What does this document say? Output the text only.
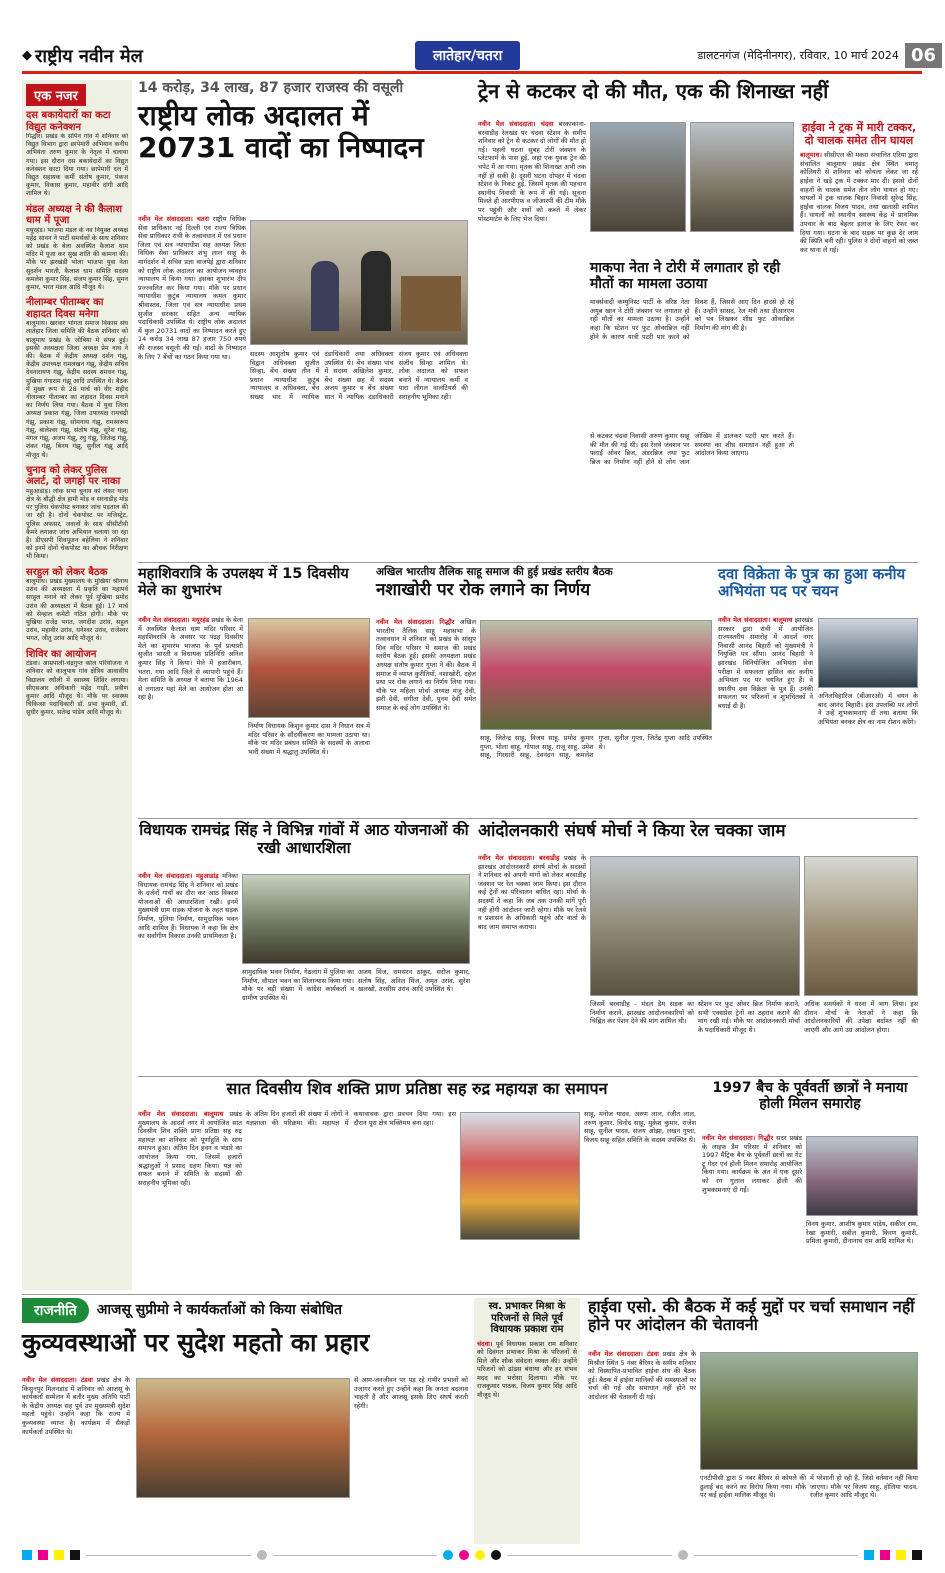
◆ राष्ट्रीय नवीन मेल	लातेहार/चतरा	डालटनगंज (मेदिनीनगर), रविवार, 10 मार्च 2024 06
एक नजर
दस बकायेदारों का कटा विद्युत कनेक्शन
गिद्धौर। प्रखंड के सपिन गांव में शनिवार को विद्युत विभाग द्वारा छापेमारी अभियान कनीय अभियंता तरुण कुमार के नेतृत्व में चलाया गया। इस दौरान दस बकायेदारों का विद्युत कनेक्शन काटा दिया गया। छापेमारी दल में विद्युत सहायक कर्मी संतोष कुमार, पंकज कुमार, विकास कुमार, महावीर दांगी आदि शामिल थे।
मंडल अध्यक्ष ने की कैलाश धाम में पूजा
मयूरहंड। भाजपा मंडल के नव नियुक्त अध्यक्ष महेंद्र सावन ने पार्टी समर्थकों के साथ शनिवार को प्रखंड के बेला अवस्थित कैलाश धाम मंदिर में पूजा कर सुख शांति की कामना की। मौके पर झरखंडी भोला भाजपा युवा नेता सुदर्शन भारती, कैलाश धाम समिति सदस्य कमलेश कुमार सिंह, संजय कुमार सिंह, सुमन कुमार, भरत मंडल आदि मौजूद थे।
नीलाम्बर पीताम्बर का शहादत दिवस मनेगा
बालूमाथ। खरवार भोगता समाज विकास संघ लातेहार जिला समिति की बैठक शनिवार को बालूमाथ प्रखंड के जोबिया मे संपन्न हुई। इसकी अध्यक्षता जिला अध्यक्ष प्रेम नाथ ने की। बैठक में केंद्रीय अध्यक्ष दर्शन गंझू, केंद्रीय उपाध्यक्ष रामलखन गंझू, केंद्रीय सचिव देवनारायण गंझू, केंद्रीय सदस्य रामधन गंझू, मुखिया गंगाराम गंझू आदि उपस्थित थे। बैठक में मुख्य रूप से 28 मार्च को वीर शहीद नीलाम्बर पीताम्बर का शहादत दिवस मनाने का निर्णय लिया गया। बैठक में युवा जिला अध्यक्ष प्रकाश गंझू, जिला उपाध्यक्ष रामचंद्री गंझू, प्रकाश गंझू, सोमनाथ गंझू, रामस्वरूप गंझू, बालेश्वर गंझू, संतोष गंझू, सुरेश गंझू, मंगल गंझू, अजय गंझू, रघु गंझू, जितेन्द्र गंझू, शंकर गंझू, बिनय गंझू, सुनील गंझू आदि मौजूद थे।
चुनाव को लेकर पुलिस अलर्ट, दो जगहों पर नाका
महुआडांड़। लोक सभा चुनाव को लेकर थाना क्षेत्र के बौद्धी क्षेत्र हामी मोड़ व सरनाडीह मोड़ पर पुलिस चेकपोस्ट बनाकर जांच पड़ताल की जा रही है। दोनों चेकपोस्ट पर मजिस्ट्रेट, पुलिस अफसर, जवानों के साथ सीसीटीवी कैमरे लगाकर जांच अभियान चलाया जा रहा है। डीएसपी शिवपूजन बहेलिया ने शनिवार को इनमें दोनों चेकपोस्ट का औचक निरीक्षण भी किया।
सरहुल को लेकर बैठक
बालूमाथ। प्रखंड मुख्यालय के मुखिया श्रीनाथ उरांव की अध्यक्षता में प्रकृति का महापर्व सरहुल मनाने को लेकर पूर्व मुखिया प्रमोद उरांव की अध्यक्षता में बैठक हुई। 17 मार्च को सेन्हाल कमेटी गठित होगी। मौके पर मुखिया राजेंद्र भगत, जगदीश उरांव, सहुल उरांव, महावीर उरांव, धनेश्वर उरांव, राजेश्वर भगत, जीतु उरांव आदि मौजूद थे।
शिविर का आयोजन
टंडवा। आम्रपाली-चंद्रगुप्त कोल परियोजना ने शनिवार को कालूपाथ गांव क्षेत्रिय आवासीय विद्यालय रघौली में स्वास्थ्य शिविर लगाया। सीएसआर अधिकारी महेंद्र गाड़ी, प्रवीण कुमार आदि मौजूद थे। मौके पर स्वास्थ्य चिकित्सा पदाधिकारी डॉ. प्रभा कुमारी, डॉ. सुधीर कुमार, सतेन्द्र पांडेय आदि मौजूद थे।
14 करोड़, 34 लाख, 87 हजार राजस्व की वसूली
राष्ट्रीय लोक अदालत में 20731 वादों का निष्पादन
नवीन मेल संवाददाता। चतरा राष्ट्रीय विधिक सेवा प्राधिकार नई दिल्ली एवं राज्य विधिक सेवा प्राधिकार रांची के तत्वावधान में एवं प्रधान जिला एवं सत्र न्यायाधीश सह अध्यक्ष जिला विधिक सेवा प्राधिकार शंभु लाल साहू के मार्गदर्शन में सचिव प्रज्ञा वाजपेई द्वारा शनिवार को राष्ट्रीय लोक अदालत का आयोजन व्यवहार न्यायालय में किया गया। इसका शुभारंभ दीप प्रज्ज्वलित कर किया गया। मौके पर प्रधान न्यायाधीश कुटुंब न्यायालय कमल कुमार श्रीवास्तव, जिला एवं सत्र न्यायाधीश प्रथम सुजीत सरकार सहित अन्य न्यायिक पदाधिकारी उपस्थित थे। राष्ट्रीय लोक अदालत में कुल 20731 वादों का निष्पादन करते हुए 14 करोड़ 34 लाख 87 हजार 750 रुपये की राजस्व वसूली की गई। वादों के निष्पादन के लिए 7 बेंचों का गठन किया गया था।	सदस्य आशुतोष कुमार एवं विद्वान अधिवक्ता सुजीत सिन्हा, बेंच संख्या तीन में प्रधान न्यायाधीश कुटुंब न्यायालय व अधिवक्ता, बेंच संख्या चार में न्यायिक दंडाधिकारी तथा अधिवक्ता उपस्थित थे। बेंच संख्या पांच में सदस्य अखिलेश कुमार, बेंच संख्या छह में सदस्य अजय कुमार व बेंच संख्या सात में न्यायिक दंडाधिकारी संजय कुमार एवं अधिवक्ता संजीव सिन्हा शामिल थे। लोक अदालत को सफल बनाने में न्यायालय कर्मी व पारा लीगल वालंटियर्स की सराहनीय भूमिका रही।
ट्रेन से कटकर दो की मौत, एक की शिनाख्त नहीं
नवीन मेल संवाददाता। चंदवा बरकाकाना-बरवाडीह रेलखंड पर चंदवा स्टेशन के समीप शनिवार को ट्रेन से कटकर दो लोगों की मौत हो गई। पहली घटना सुबह टोरी जंक्शन के प्लेटफार्म के पास हुई, जहां एक युवक ट्रेन की चपेट में आ गया। मृतक की शिनाख्त अभी तक नहीं हो सकी है। दूसरी घटना दोपहर में चंदवा स्टेशन के निकट हुई, जिसमें मृतक की पहचान स्थानीय निवासी के रूप में की गई। सूचना मिलते ही आरपीएफ व जीआरपी की टीम मौके पर पहुंची और शवों को कब्जे में लेकर पोस्टमार्टम के लिए भेज दिया।
हाईवा ने ट्रक में मारी टक्कर, दो चालक समेत तीन घायल
बालूमाथ। सीसीएल की मकरा संचालित एरिया द्वारा संचालित बालूमाथ प्रखंड क्षेत्र स्थित चमातू कोलियरी से शनिवार को कोयला लेकर जा रहे हाईवा ने खड़े ट्रक में टक्कर मार दी। इससे दोनों वाहनों के चालक समेत तीन लोग घायल हो गए। घायलों में ट्रक चालक बिहार निवासी सुरेन्द्र सिंह, हाईवा चालक विजय यादव, तथा खलासी शामिल हैं। घायलों को स्थानीय स्वास्थ्य केंद्र में प्राथमिक उपचार के बाद बेहतर इलाज के लिए रेफर कर दिया गया। घटना के बाद सड़क पर कुछ देर जाम की स्थिति बनी रही। पुलिस ने दोनों वाहनों को जब्त कर थाना ले गई।
माकपा नेता ने टोरी में लगातार हो रही मौतों का मामला उठाया
मार्क्सवादी कम्युनिस्ट पार्टी के वरिष्ठ नेता अयूब खान ने टोरी जंक्शन पर लगातार हो रही मौतों का मामला उठाया है। उन्होंने कहा कि स्टेशन पर फुट ओवरब्रिज नहीं होने के कारण यात्री पटरी पार करने को विवश हैं, जिससे आए दिन हादसे हो रहे हैं। उन्होंने सांसद, रेल मंत्री तथा डीआरएम को पत्र लिखकर शीघ्र फुट ओवरब्रिज निर्माण की मांग की है।
से कटकर चंदवा निवासी अरुण कुमार साहू की मौत की गई थी। इस रेलवे जंक्शन पर फ्लाई ओवर ब्रिज, अंडरब्रिज तथा फुट ब्रिज का निर्माण नहीं होने से लोग जान जोखिम में डालकर पटरी पार करते हैं। समस्या का शीघ्र समाधान नहीं हुआ तो आंदोलन किया जाएगा।
महाशिवरात्रि के उपलक्ष्य में 15 दिवसीय मेले का शुभारंभ
नवीन मेल संवाददाता। मयूरहंड प्रखंड के बेला में अवस्थित कैलाश धाम मंदिर परिसर में महाशिवरात्रि के अवसर पर पंद्रह दिवसीय मेले का शुभारंभ भाजपा के पूर्व प्रत्याशी सुजीत भारती व विधायक प्रतिनिधि अनिल कुमार सिंह ने किया। मेले में हजारीबाग, चतरा, गया आदि जिले से व्यापारी पहुंचे हैं। मेला समिति के अध्यक्ष ने बताया कि 1964 से लगातार यहां मेले का आयोजन होता आ रहा है।
निर्माण विधायक किशुन कुमार दास ने निधान सत्र में मंदिर परिसर के सौंदर्यीकरण का मामला उठाया था। मौके पर मंदिर प्रबंधन समिति के सदस्यों के अलावा भारी संख्या में श्रद्धालु उपस्थित थे।
अखिल भारतीय तैलिक साहू समाज की हुई प्रखंड स्तरीय बैठक
नशाखोरी पर रोक लगाने का निर्णय
नवीन मेल संवाददाता। गिद्धौर अखिल भारतीय तैलिक साहू महासभा के तत्वावधान में शनिवार को प्रखंड के सांसुप शिव मंदिर परिसर में समाज की प्रखंड स्तरीय बैठक हुई। इसकी अध्यक्षता प्रखंड अध्यक्ष संतोष कुमार गुप्ता ने की। बैठक में समाज में व्याप्त कुरीतियों, नशाखोरी, दहेज प्रथा पर रोक लगाने का निर्णय लिया गया। मौके पर महिला मोर्चा अध्यक्ष मंजु देवी, झरी देवी, संगीता देवी, पूनम देवी समेत समाज के कई लोग उपस्थित थे।
साहू, जितेन्द्र साहू, विजय साहू, प्रमोद कुमार गुप्ता, भोला साहू, गोपाल साहू, राजू साहू, उमेश साहू, गिरधारी साहू, देवनंदन साहू, कमलेश गुप्ता, सुनील गुप्ता, जितेंद्र गुप्ता आदि उपस्थित थे।
दवा विक्रेता के पुत्र का हुआ कनीय अभियंता पद पर चयन
नवीन मेल संवाददाता। बालूमाथ झारखंड सरकार द्वारा रांची में आयोजित राज्यस्तरीय समारोह में आदर्श नगर निवासी आनंद बिहारी को मुख्यमंत्री ने नियुक्ति पत्र सौंपा। आनंद बिहारी ने झारखंड विनियोजित अभियंता सेवा परीक्षा में सफलता हासिल कर कनीय अभियंता पद पर चयनित हुए हैं। वे स्थानीय दवा विक्रेता के पुत्र हैं। उनकी सफलता पर परिजनों व शुभचिंतकों ने बधाई दी है।
अनिलविहारिज (बीआरओ) में चयन के बाद आनंद बिहारी। इस उपलब्धि पर लोगों ने उन्हें शुभकामनाएं दीं तथा बताया कि अभियंता बनकर क्षेत्र का नाम रोशन करेंगे।
विधायक रामचंद्र सिंह ने विभिन्न गांवों में आठ योजनाओं की रखी आधारशिला
नवीन मेल संवाददाता। महुआडांड़ मनिका विधायक रामचंद्र सिंह ने शनिवार को प्रखंड के दर्जनों गांवों का दौरा कर आठ विकास योजनाओं की आधारशिला रखी। इनमें मुख्यमंत्री ग्राम सड़क योजना के तहत सड़क निर्माण, पुलिया निर्माण, सामुदायिक भवन आदि शामिल हैं। विधायक ने कहा कि क्षेत्र का सर्वांगीण विकास उनकी प्राथमिकता है।
सामुदायिक भवन निर्माण, गेठलांग में पुलिया का निर्माण, चौपाल भवन का शिलान्यास किया गया। मौके पर बड़ी संख्या में कांग्रेस कार्यकर्ता व ग्रामीण उपस्थित थे।
अजय मिंज, रामसरन ठाकुर, सरोज कुमार, संतोष सिंह, अनिल मिंज, अमृत उरांव, सुरेश खलखो, तरसीस उरांव आदि उपस्थित थे।
आंदोलनकारी संघर्ष मोर्चा ने किया रेल चक्का जाम
नवीन मेल संवाददाता। बरवाडीह प्रखंड के झारखंड आंदोलनकारी संघर्ष मोर्चा के सदस्यों ने शनिवार को अपनी मांगों को लेकर बरवाडीह जंक्शन पर रेल चक्का जाम किया। इस दौरान कई ट्रेनों का परिचालन बाधित रहा। मोर्चा के सदस्यों ने कहा कि जब तक उनकी मांगें पूरी नहीं होंगी आंदोलन जारी रहेगा। मौके पर रेलवे व प्रशासन के अधिकारी पहुंचे और वार्ता के बाद जाम समाप्त कराया।
जिसमें बरवाडीह - मंडल डैम सड़क का निर्माण कराने, झारखंड आंदोलनकारियों को चिह्नित कर पेंशन देने की मांग शामिल थी।
स्टेशन पर फुट ओवर ब्रिज निर्माण कराने, सभी एक्सप्रेस ट्रेनों का ठहराव कराने की मांग रखी गई। मौके पर आंदोलनकारी मोर्चा के पदाधिकारी मौजूद थे।
अधिक समर्थकों ने धरना में भाग लिया। इस दौरान मोर्चा के नेताओं ने कहा कि आंदोलनकारियों की उपेक्षा बर्दाश्त नहीं की जाएगी और आगे उग्र आंदोलन होगा।
सात दिवसीय शिव शक्ति प्राण प्रतिष्ठा सह रुद्र महायज्ञ का समापन
नवीन मेल संवाददाता। बालूमाथ प्रखंड मुख्यालय के आदर्श नगर में आयोजित सात दिवसीय शिव शक्ति प्राण प्रतिष्ठा सह रुद्र महायज्ञ का शनिवार को पूर्णाहुति के साथ समापन हुआ। अंतिम दिन हवन व भंडारे का आयोजन किया गया, जिसमें हजारों श्रद्धालुओं ने प्रसाद ग्रहण किया। यज्ञ को सफल बनाने में समिति के सदस्यों की सराहनीय भूमिका रही।
के अंतिम दिन हजारों की संख्या में लोगों ने यज्ञशाला की परिक्रमा की। महायज्ञ में कथावाचक द्वारा प्रवचन दिया गया। इस दौरान पूरा क्षेत्र भक्तिमय बना रहा।
साहू, मनोज यादव, अरुण लाल, रंजीत लाल, तरुण कुमार, विनोद साहू, मुकेश कुमार, राजेश साहू, सुनील यादव, संजय ओझा, लखन गुप्ता, विजय साहू सहित समिति के सदस्य उपस्थित थे।
1997 बैच के पूर्ववर्ती छात्रों ने मनाया होली मिलन समारोह
नवीन मेल संवाददाता। गिद्धौर सदर प्रखंड के लाइफ़ डैम परिसर में शनिवार को 1997 मैट्रिक बैच के पूर्ववर्ती छात्रों का गेट टू गेदर एवं होली मिलन समारोह आयोजित किया गया। कार्यक्रम के अंत में एक दूसरे को रंग गुलाल लगाकर होली की शुभकामनाएं दी गईं।
विनय कुमार, आशीष कुमार पांडेय, सकील राम, रेखा कुमारी, सबील कुमारी, किरण कुमारी, प्रमिला कुमारी, दीनानाथ राम आदि शामिल थे।
राजनीति	आजसू सुप्रीमो ने कार्यकर्ताओं को किया संबोधित
कुव्यवस्थाओं पर सुदेश महतो का प्रहार
नवीन मेल संवाददाता। टंडवा प्रखंड क्षेत्र के किसुनपुर मिलनडांड में शनिवार को आजसू के कार्यकर्ता सम्मेलन में बतौर मुख्य अतिथि पार्टी के केंद्रीय अध्यक्ष सह पूर्व उप मुख्यमंत्री सुदेश महतो पहुंचे। उन्होंने कहा कि राज्य में कुव्यवस्था व्याप्त है। कार्यक्रम में सैकड़ों कार्यकर्ता उपस्थित थे।
से आम-जनजीवन पर पड़ रहे गंभीर प्रभावों को उजागर करते हुए उन्होंने कहा कि जनता बदलाव चाहती है और आजसू इसके लिए संघर्ष करती रहेगी।
स्व. प्रभाकर मिश्रा के परिजनों से मिले पूर्व विधायक प्रकाश राम
चंदवा। पूर्व विधायक प्रकाश राम शनिवार को दिवंगत प्रभाकर मिश्रा के परिजनों से मिले और शोक संवेदना व्यक्त की। उन्होंने परिजनों को ढांढस बंधाया और हर संभव मदद का भरोसा दिलाया। मौके पर राजकुमार पाठक, विजय कुमार सिंह आदि मौजूद थे।
हाईवा एसो. की बैठक में कई मुद्दों पर चर्चा समाधान नहीं होने पर आंदोलन की चेतावनी
नवीन मेल संवाददाता। टंडवा प्रखंड क्षेत्र के मिश्रौल स्थित 5 नंबर बैरियर के समीप शनिवार को विस्थापित-प्रभावित हाईवा संघ की बैठक हुई। बैठक में हाईवा मालिकों की समस्याओं पर चर्चा की गई और समाधान नहीं होने पर आंदोलन की चेतावनी दी गई।
एनटीपीसी द्वारा 5 नंबर बैरियर से कोयले की ढुलाई बंद करने का विरोध किया गया। मौके पर कई हाईवा मालिक मौजूद थे।
में परेशानी हो रही है, जिसे वर्तमान नहीं किया जाएगा। मौके पर विजय साहू, होलिया यादव, रंजीत कुमार आदि मौजूद थे।
